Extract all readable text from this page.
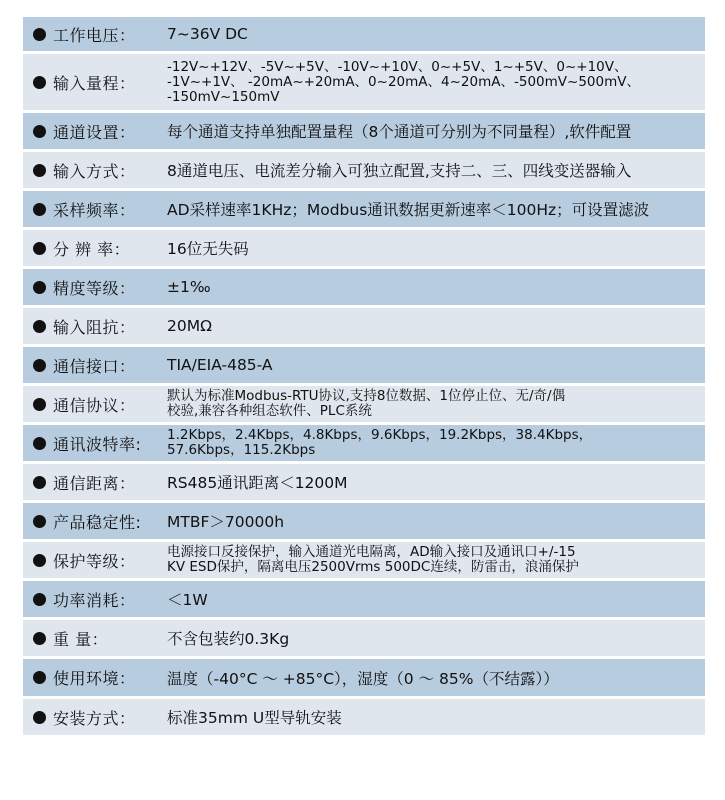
工作电压： 7~36V DC
输入量程：
-12V~+12V、-5V~+5V、-10V~+10V、0~+5V、1~+5V、0~+10V、
-1V~+1V、 -20mA~+20mA、0~20mA、4~20mA、-500mV~500mV、
-150mV~150mV
通道设置： 每个通道支持单独配置量程（8个通道可分别为不同量程）,软件配置
输入方式： 8通道电压、电流差分输入可独立配置,支持二、三、四线变送器输入
采样频率： AD采样速率1KHz；Modbus通讯数据更新速率＜100Hz；可设置滤波
分 辨 率： 16位无失码
精度等级： ±1‰
输入阻抗： 20MΩ
通信接口： TIA/EIA-485-A
通信协议： 默认为标准Modbus-RTU协议,支持8位数据、1位停止位、无/奇/偶
校验,兼容各种组态软件、PLC系统
通讯波特率: 1.2Kbps，2.4Kbps，4.8Kbps，9.6Kbps，19.2Kbps，38.4Kbps，
57.6Kbps，115.2Kbps
通信距离： RS485通讯距离＜1200M
产品稳定性: MTBF＞70000h
保护等级： 电源接口反接保护，输入通道光电隔离，AD输入接口及通讯口+/-15
KV ESD保护，隔离电压2500Vrms 500DC连续，防雷击，浪涌保护
功率消耗： ＜1W
重 量：	不含包装约0.3Kg
使用环境： 温度（-40°C ～ +85°C），湿度（0 ～ 85%（不结露））
安装方式： 标准35mm U型导轨安装
